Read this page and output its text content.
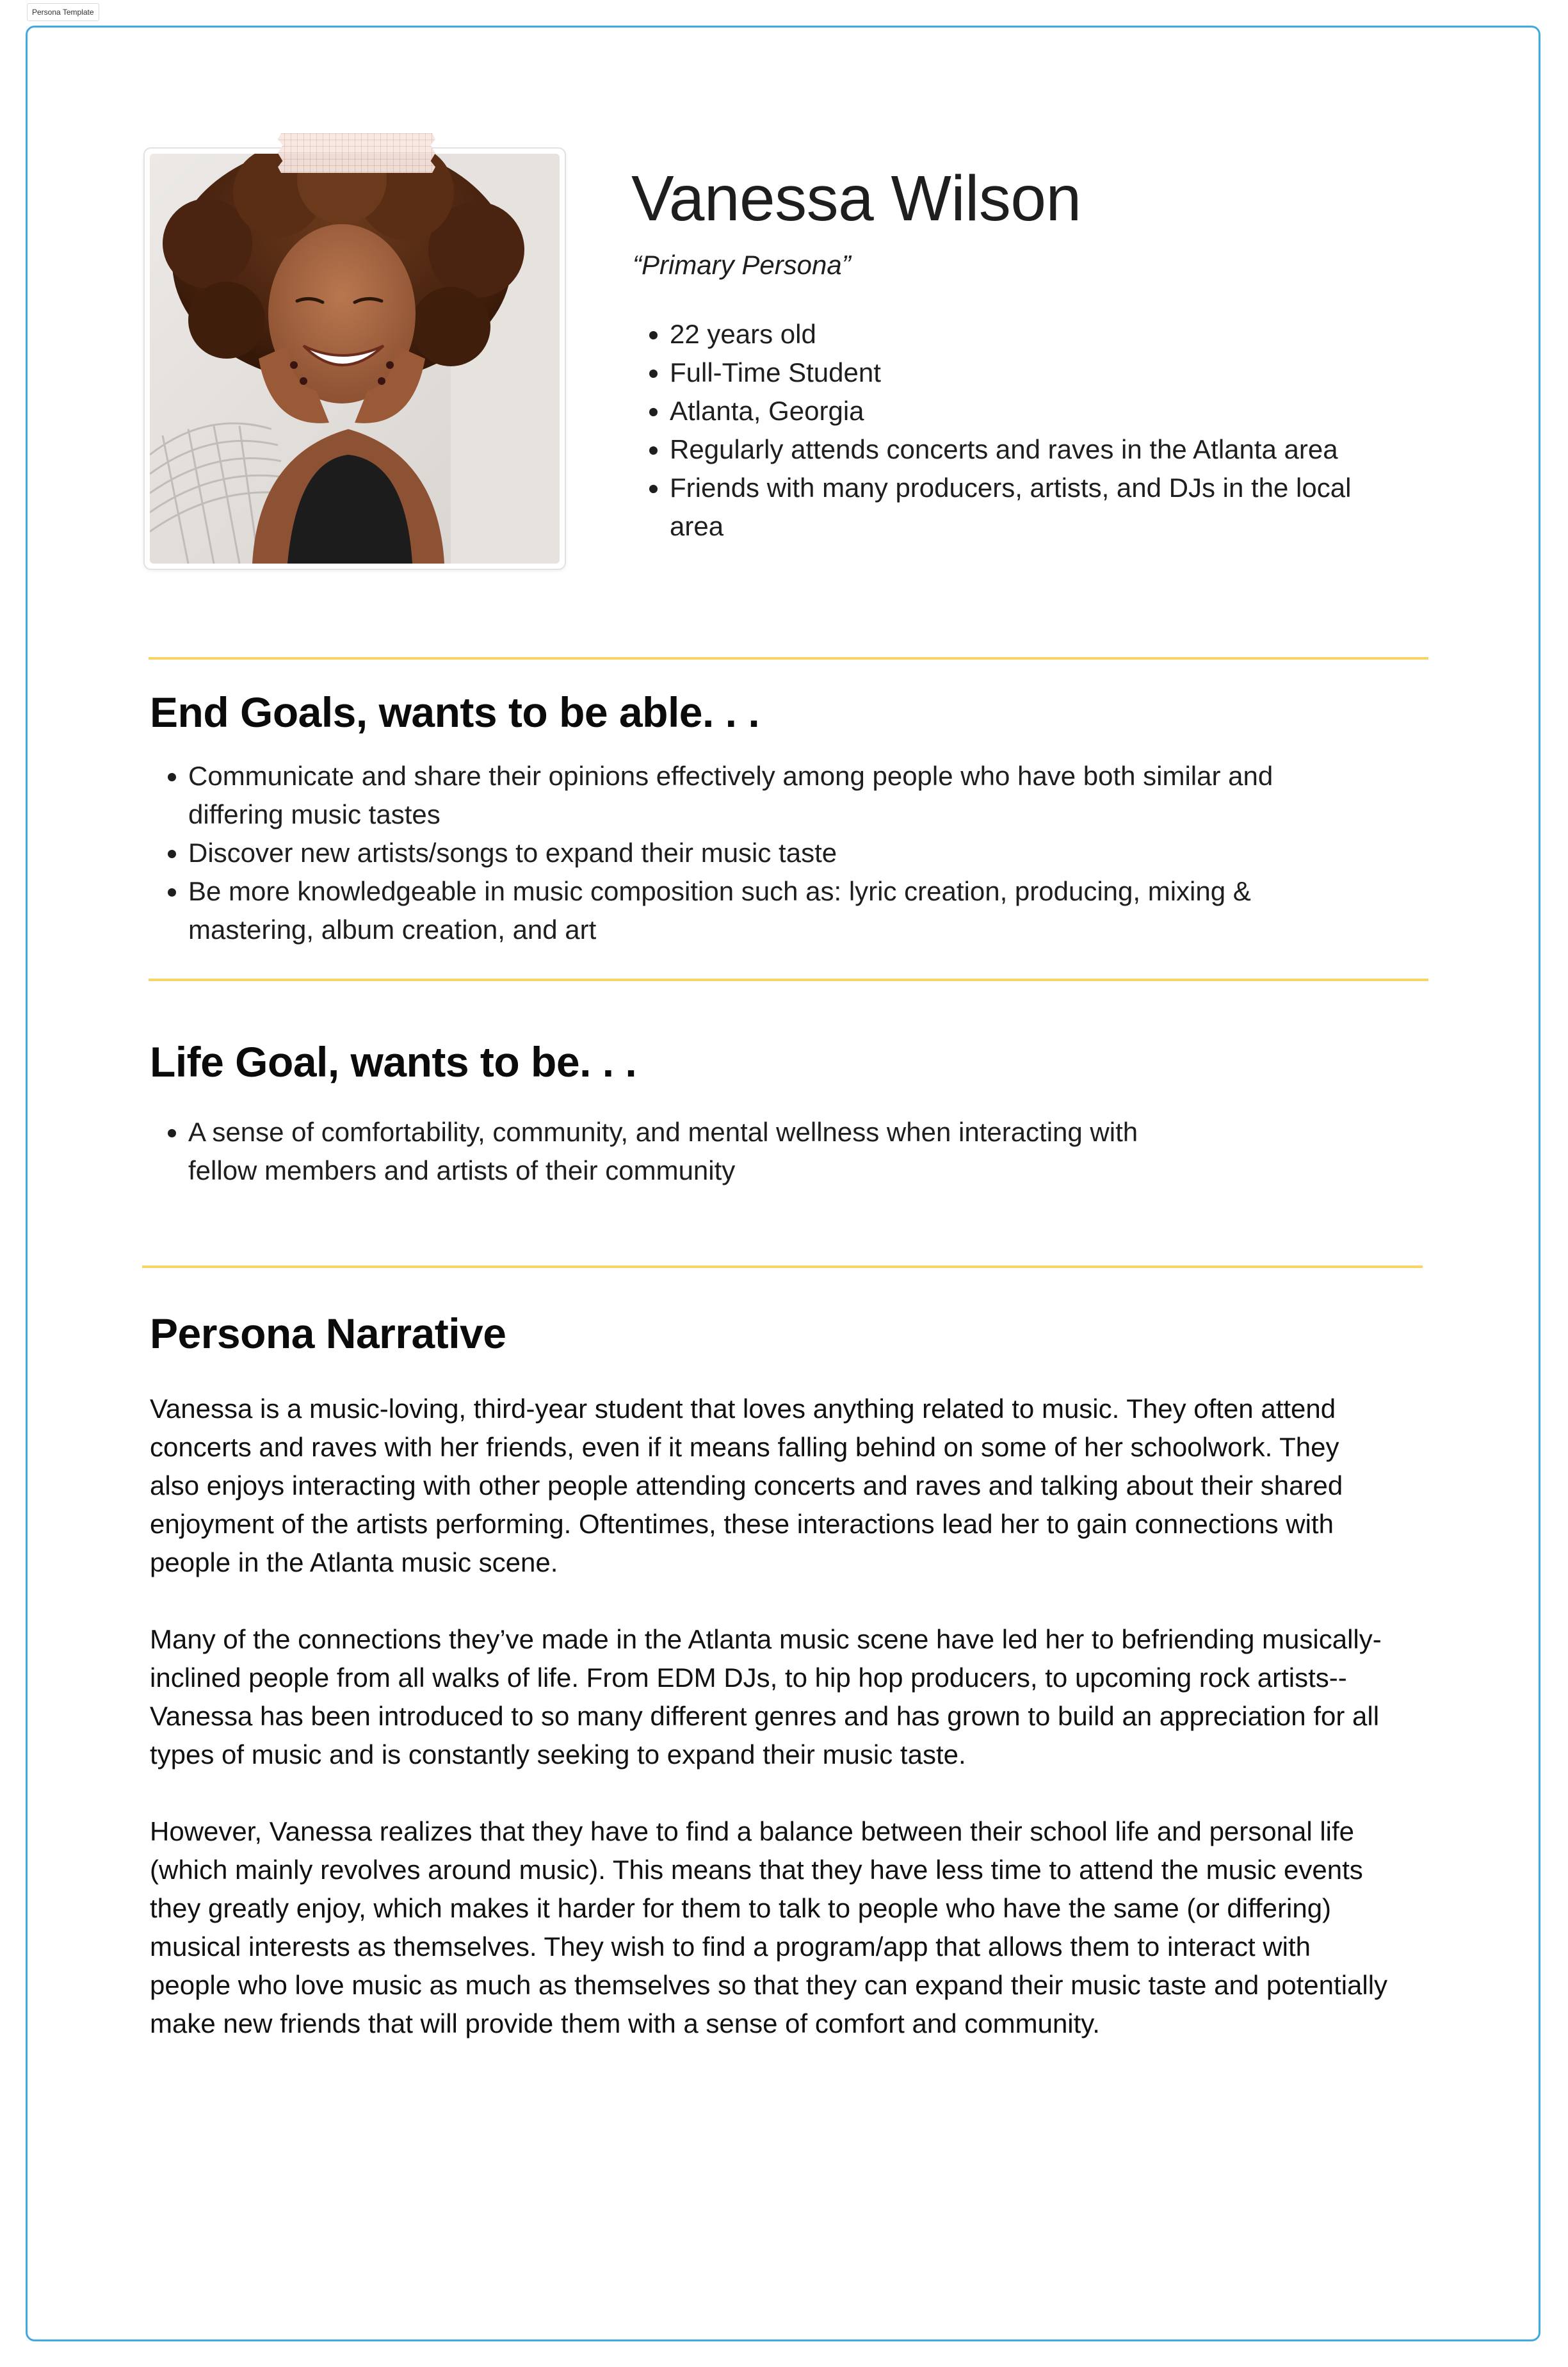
Persona Template
Vanessa Wilson

“Primary Persona”

• 22 years old
• Full-Time Student
• Atlanta, Georgia
• Regularly attends concerts and raves in the Atlanta area
• Friends with many producers, artists, and DJs in the local area
End Goals, wants to be able. . .
• Communicate and share their opinions effectively among people who have both similar and differing music tastes
• Discover new artists/songs to expand their music taste
• Be more knowledgeable in music composition such as: lyric creation, producing, mixing & mastering, album creation, and art
Life Goal, wants to be. . .
• A sense of comfortability, community, and mental wellness when interacting with fellow members and artists of their community
Persona Narrative

Vanessa is a music-loving, third-year student that loves anything related to music. They often attend concerts and raves with her friends, even if it means falling behind on some of her schoolwork. They also enjoys interacting with other people attending concerts and raves and talking about their shared enjoyment of the artists performing. Oftentimes, these interactions lead her to gain connections with people in the Atlanta music scene.

Many of the connections they’ve made in the Atlanta music scene have led her to befriending musically-inclined people from all walks of life. From EDM DJs, to hip hop producers, to upcoming rock artists--Vanessa has been introduced to so many different genres and has grown to build an appreciation for all types of music and is constantly seeking to expand their music taste.

However, Vanessa realizes that they have to find a balance between their school life and personal life (which mainly revolves around music). This means that they have less time to attend the music events they greatly enjoy, which makes it harder for them to talk to people who have the same (or differing) musical interests as themselves. They wish to find a program/app that allows them to interact with people who love music as much as themselves so that they can expand their music taste and potentially make new friends that will provide them with a sense of comfort and community.
